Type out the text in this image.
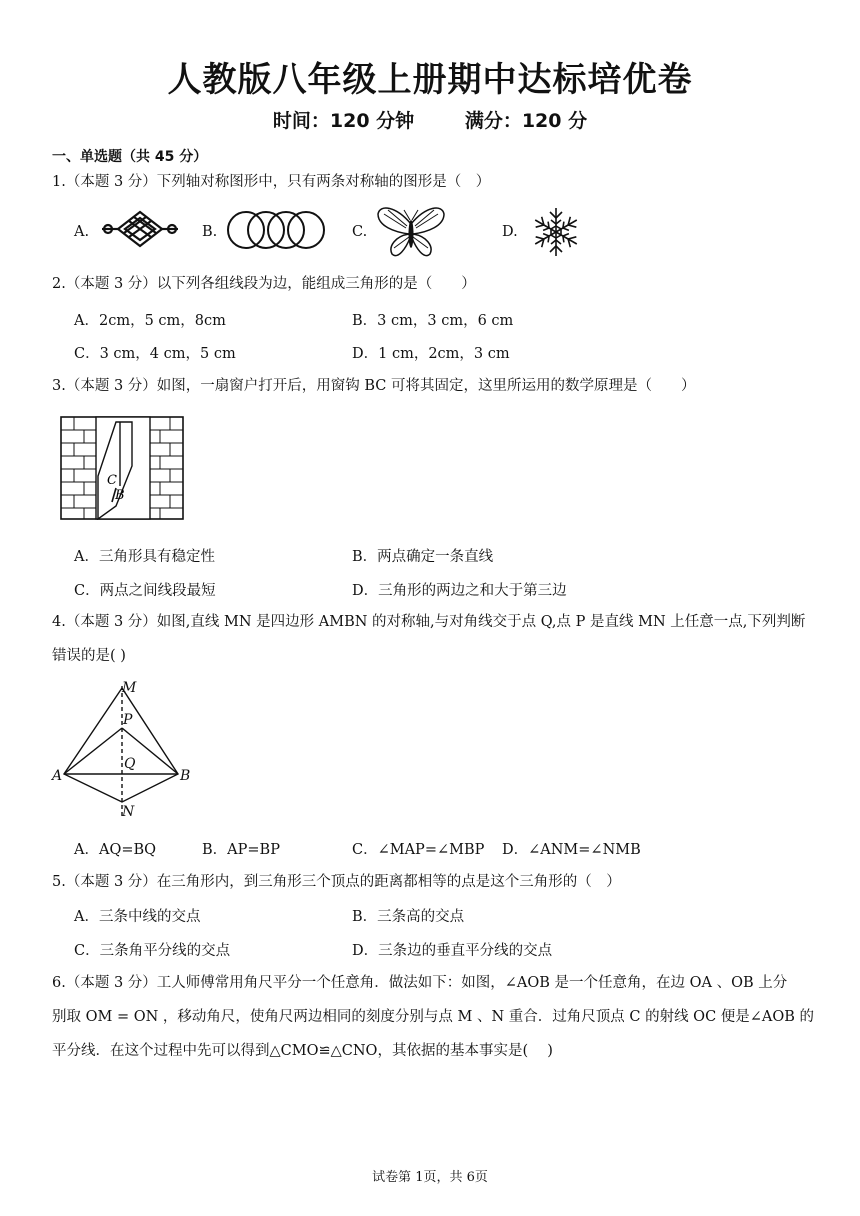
人教版八年级上册期中达标培优卷
时间：120 分钟	满分：120 分
一、单选题（共 45 分）
1.（本题 3 分）下列轴对称图形中，只有两条对称轴的图形是（　）
A.	B.	C.	D.
2.（本题 3 分）以下列各组线段为边，能组成三角形的是（　　）
A．2cm，5 cm，8cm	B．3 cm，3 cm，6 cm
C．3 cm，4 cm，5 cm	D．1 cm，2cm，3 cm
3.（本题 3 分）如图，一扇窗户打开后，用窗钩 BC 可将其固定，这里所运用的数学原理是（　　）
C
B
A．三角形具有稳定性	B．两点确定一条直线
C．两点之间线段最短	D．三角形的两边之和大于第三边
4.（本题 3 分）如图,直线 MN 是四边形 AMBN 的对称轴,与对角线交于点 Q,点 P 是直线 MN 上任意一点,下列判断
错误的是( )
M
P
Q
A	B
N
A．AQ=BQ	B．AP=BP	C．∠MAP=∠MBP D．∠ANM=∠NMB
5.（本题 3 分）在三角形内，到三角形三个顶点的距离都相等的点是这个三角形的（　）
A．三条中线的交点	B．三条高的交点
C．三条角平分线的交点	D．三条边的垂直平分线的交点
6.（本题 3 分）工人师傅常用角尺平分一个任意角．做法如下：如图，∠AOB 是一个任意角，在边 OA 、OB 上分
别取 OM = ON ，移动角尺，使角尺两边相同的刻度分别与点 M 、N 重合．过角尺顶点 C 的射线 OC 便是∠AOB 的
平分线．在这个过程中先可以得到△CMO≌△CNO，其依据的基本事实是(　 )
试卷第 1页，共 6页
